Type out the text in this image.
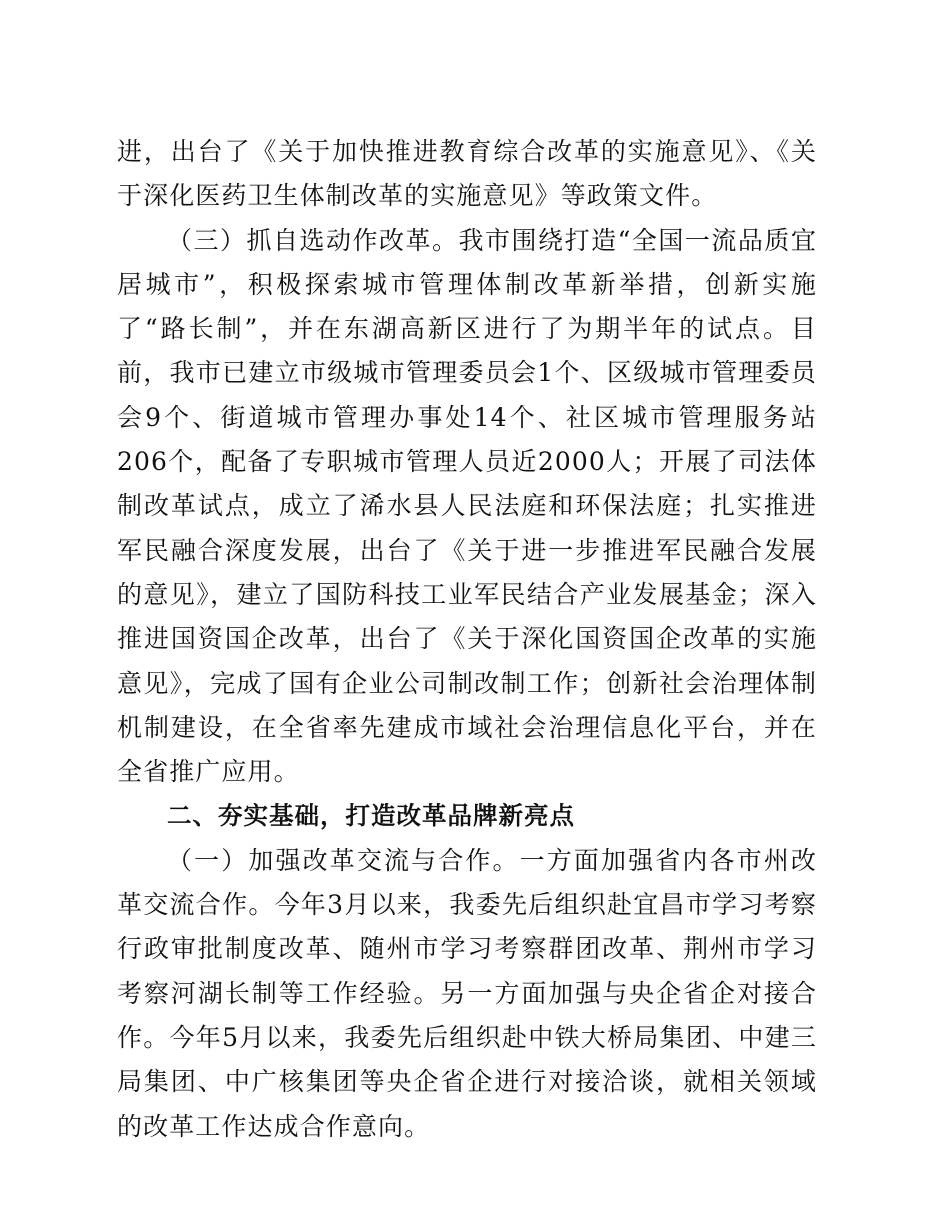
进，出台了《关于加快推进教育综合改革的实施意见》、《关于深化医药卫生体制改革的实施意见》等政策文件。

（三）抓自选动作改革。我市围绕打造“全国一流品质宜居城市”，积极探索城市管理体制改革新举措，创新实施了“路长制”，并在东湖高新区进行了为期半年的试点。目前，我市已建立市级城市管理委员会1个、区级城市管理委员会9个、街道城市管理办事处14个、社区城市管理服务站206个，配备了专职城市管理人员近2000人；开展了司法体制改革试点，成立了浠水县人民法庭和环保法庭；扎实推进军民融合深度发展，出台了《关于进一步推进军民融合发展的意见》，建立了国防科技工业军民结合产业发展基金；深入推进国资国企改革，出台了《关于深化国资国企改革的实施意见》，完成了国有企业公司制改制工作；创新社会治理体制机制建设，在全省率先建成市域社会治理信息化平台，并在全省推广应用。

二、夯实基础，打造改革品牌新亮点

（一）加强改革交流与合作。一方面加强省内各市州改革交流合作。今年3月以来，我委先后组织赴宜昌市学习考察行政审批制度改革、随州市学习考察群团改革、荆州市学习考察河湖长制等工作经验。另一方面加强与央企省企对接合作。今年5月以来，我委先后组织赴中铁大桥局集团、中建三局集团、中广核集团等央企省企进行对接洽谈，就相关领域的改革工作达成合作意向。
